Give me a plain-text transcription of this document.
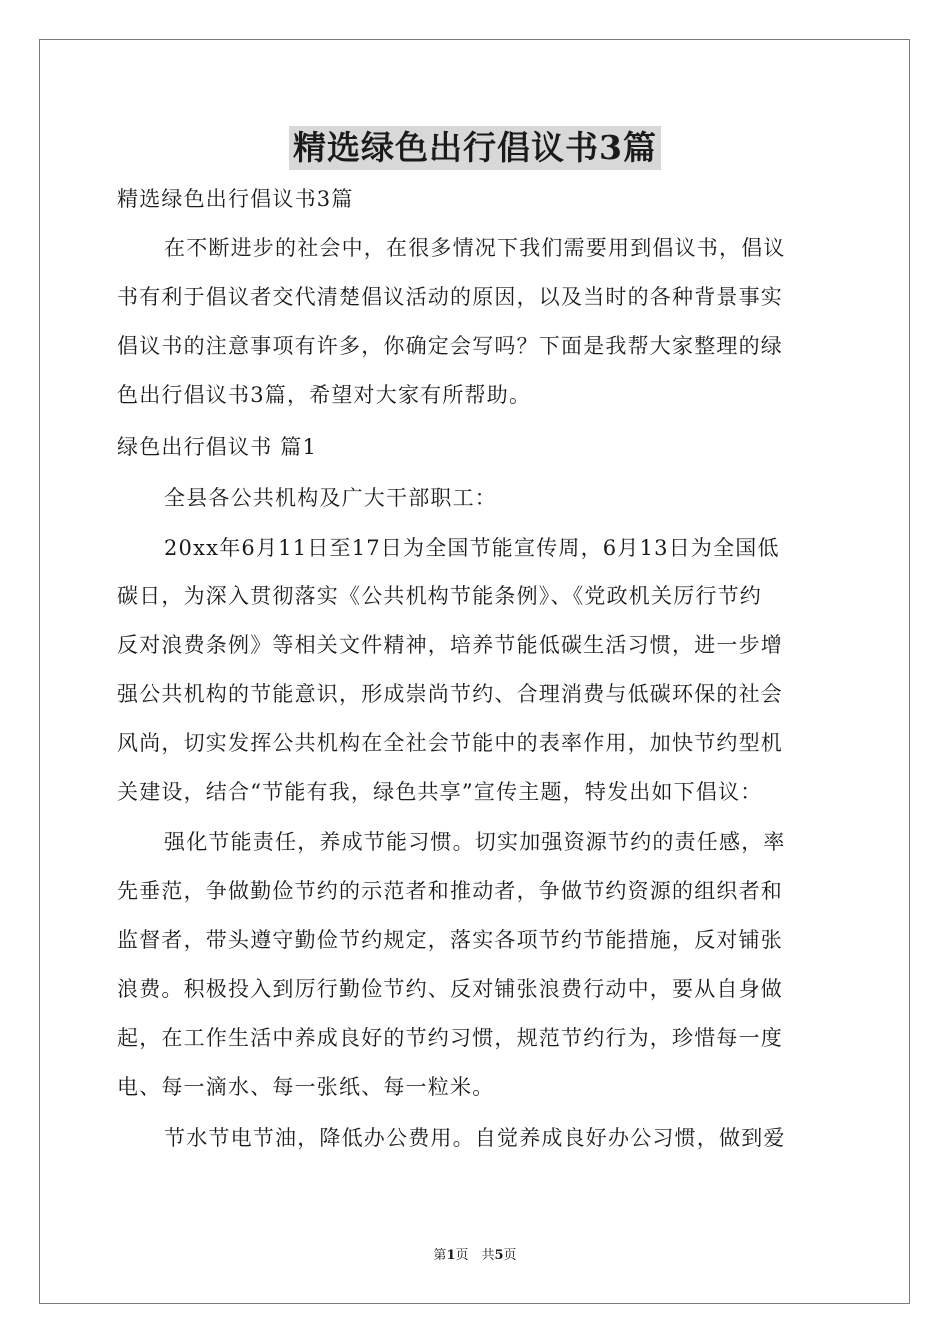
精选绿色出行倡议书3篇
精选绿色出行倡议书3篇
在不断进步的社会中，在很多情况下我们需要用到倡议书，倡议
书有利于倡议者交代清楚倡议活动的原因，以及当时的各种背景事实
倡议书的注意事项有许多，你确定会写吗？下面是我帮大家整理的绿
色出行倡议书3篇，希望对大家有所帮助。
绿色出行倡议书 篇1
全县各公共机构及广大干部职工：
20xx年6月11日至17日为全国节能宣传周，6月13日为全国低
碳日，为深入贯彻落实《公共机构节能条例》、《党政机关厉行节约
反对浪费条例》等相关文件精神，培养节能低碳生活习惯，进一步增
强公共机构的节能意识，形成崇尚节约、合理消费与低碳环保的社会
风尚，切实发挥公共机构在全社会节能中的表率作用，加快节约型机
关建设，结合“节能有我，绿色共享”宣传主题，特发出如下倡议：
强化节能责任，养成节能习惯。切实加强资源节约的责任感，率
先垂范，争做勤俭节约的示范者和推动者，争做节约资源的组织者和
监督者，带头遵守勤俭节约规定，落实各项节约节能措施，反对铺张
浪费。积极投入到厉行勤俭节约、反对铺张浪费行动中，要从自身做
起，在工作生活中养成良好的节约习惯，规范节约行为，珍惜每一度
电、每一滴水、每一张纸、每一粒米。
节水节电节油，降低办公费用。自觉养成良好办公习惯，做到爱
第1页　共5页
